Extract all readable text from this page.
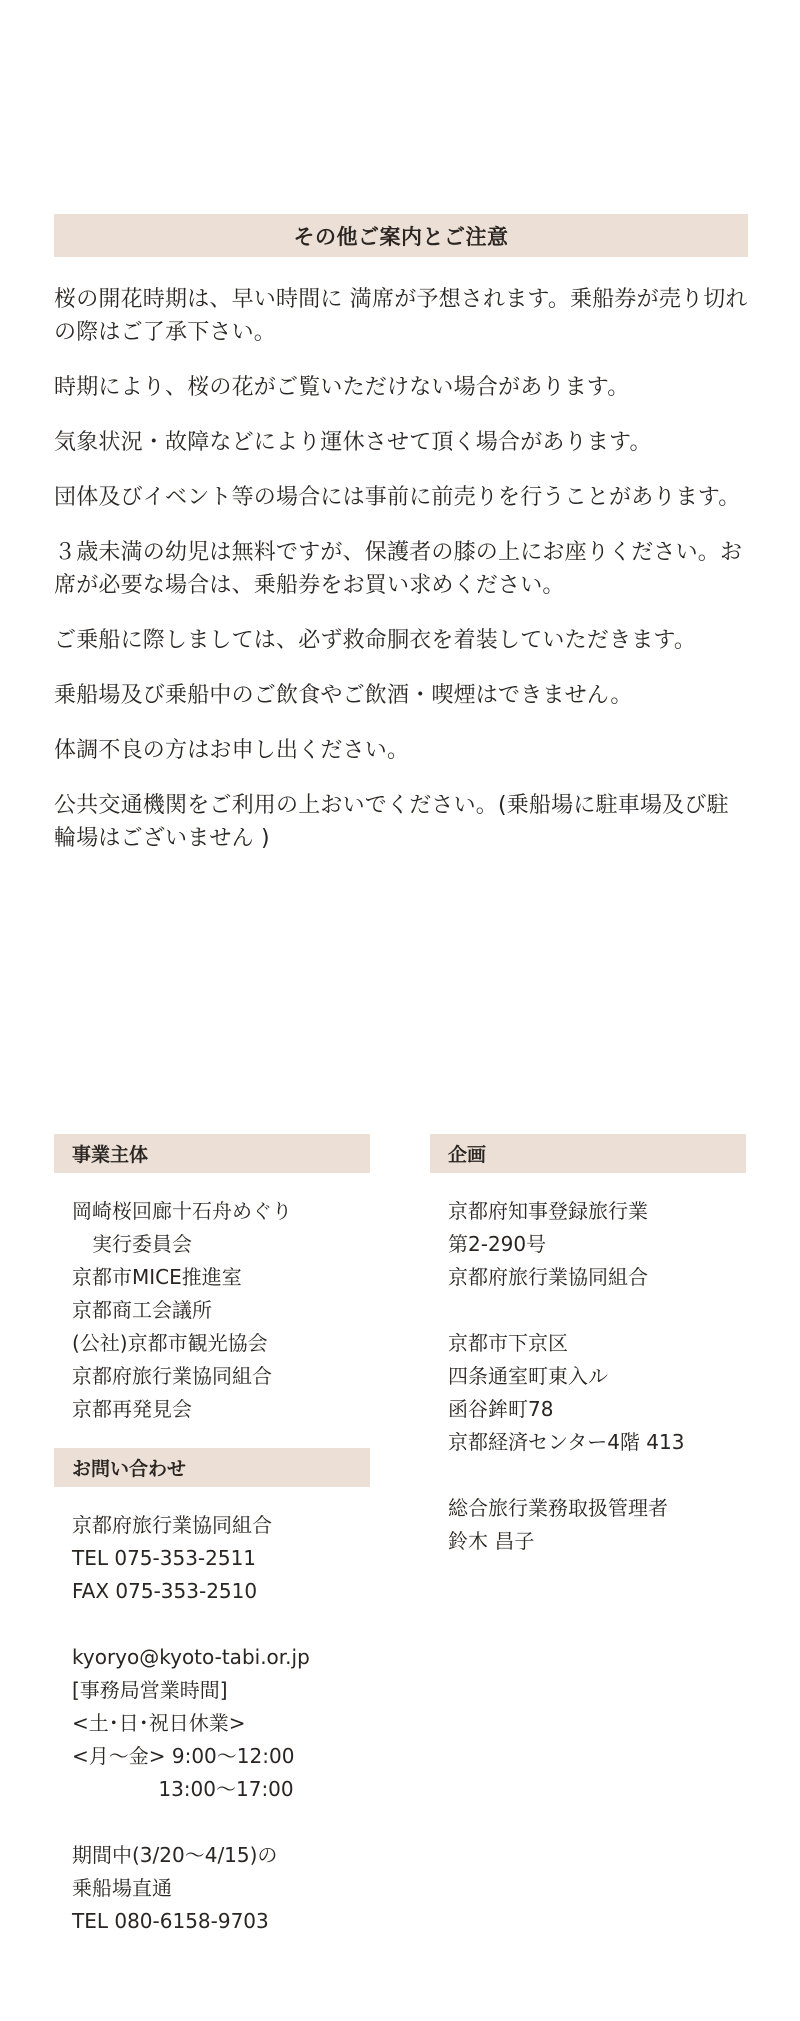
その他ご案内とご注意
桜の開花時期は、早い時間に 満席が予想されます。乗船券が売り切れの際はご了承下さい。
時期により、桜の花がご覧いただけない場合があります。
気象状況・故障などにより運休させて頂く場合があります。
団体及びイベント等の場合には事前に前売りを行うことがあります。
３歳未満の幼児は無料ですが、保護者の膝の上にお座りください。お席が必要な場合は、乗船券をお買い求めください。
ご乗船に際しましては、必ず救命胴衣を着装していただきます。
乗船場及び乗船中のご飲食やご飲酒・喫煙はできません。
体調不良の方はお申し出ください。
公共交通機関をご利用の上おいでください。(乗船場に駐車場及び駐輪場はございません )
事業主体
岡崎桜回廊十石舟めぐり
　実行委員会
京都市MICE推進室
京都商工会議所
(公社)京都市観光協会
京都府旅行業協同組合
京都再発見会
お問い合わせ
京都府旅行業協同組合
TEL 075-353-2511
FAX 075-353-2510
kyoryo@kyoto-tabi.or.jp
[事務局営業時間]
<土･日･祝日休業>
<月～金> 9:00～12:00
　　　　 13:00～17:00
期間中(3/20～4/15)の
乗船場直通
TEL 080-6158-9703
企画
京都府知事登録旅行業
第2-290号
京都府旅行業協同組合
京都市下京区
四条通室町東入ル
函谷鉾町78
京都経済センター4階 413
総合旅行業務取扱管理者
鈴木 昌子
